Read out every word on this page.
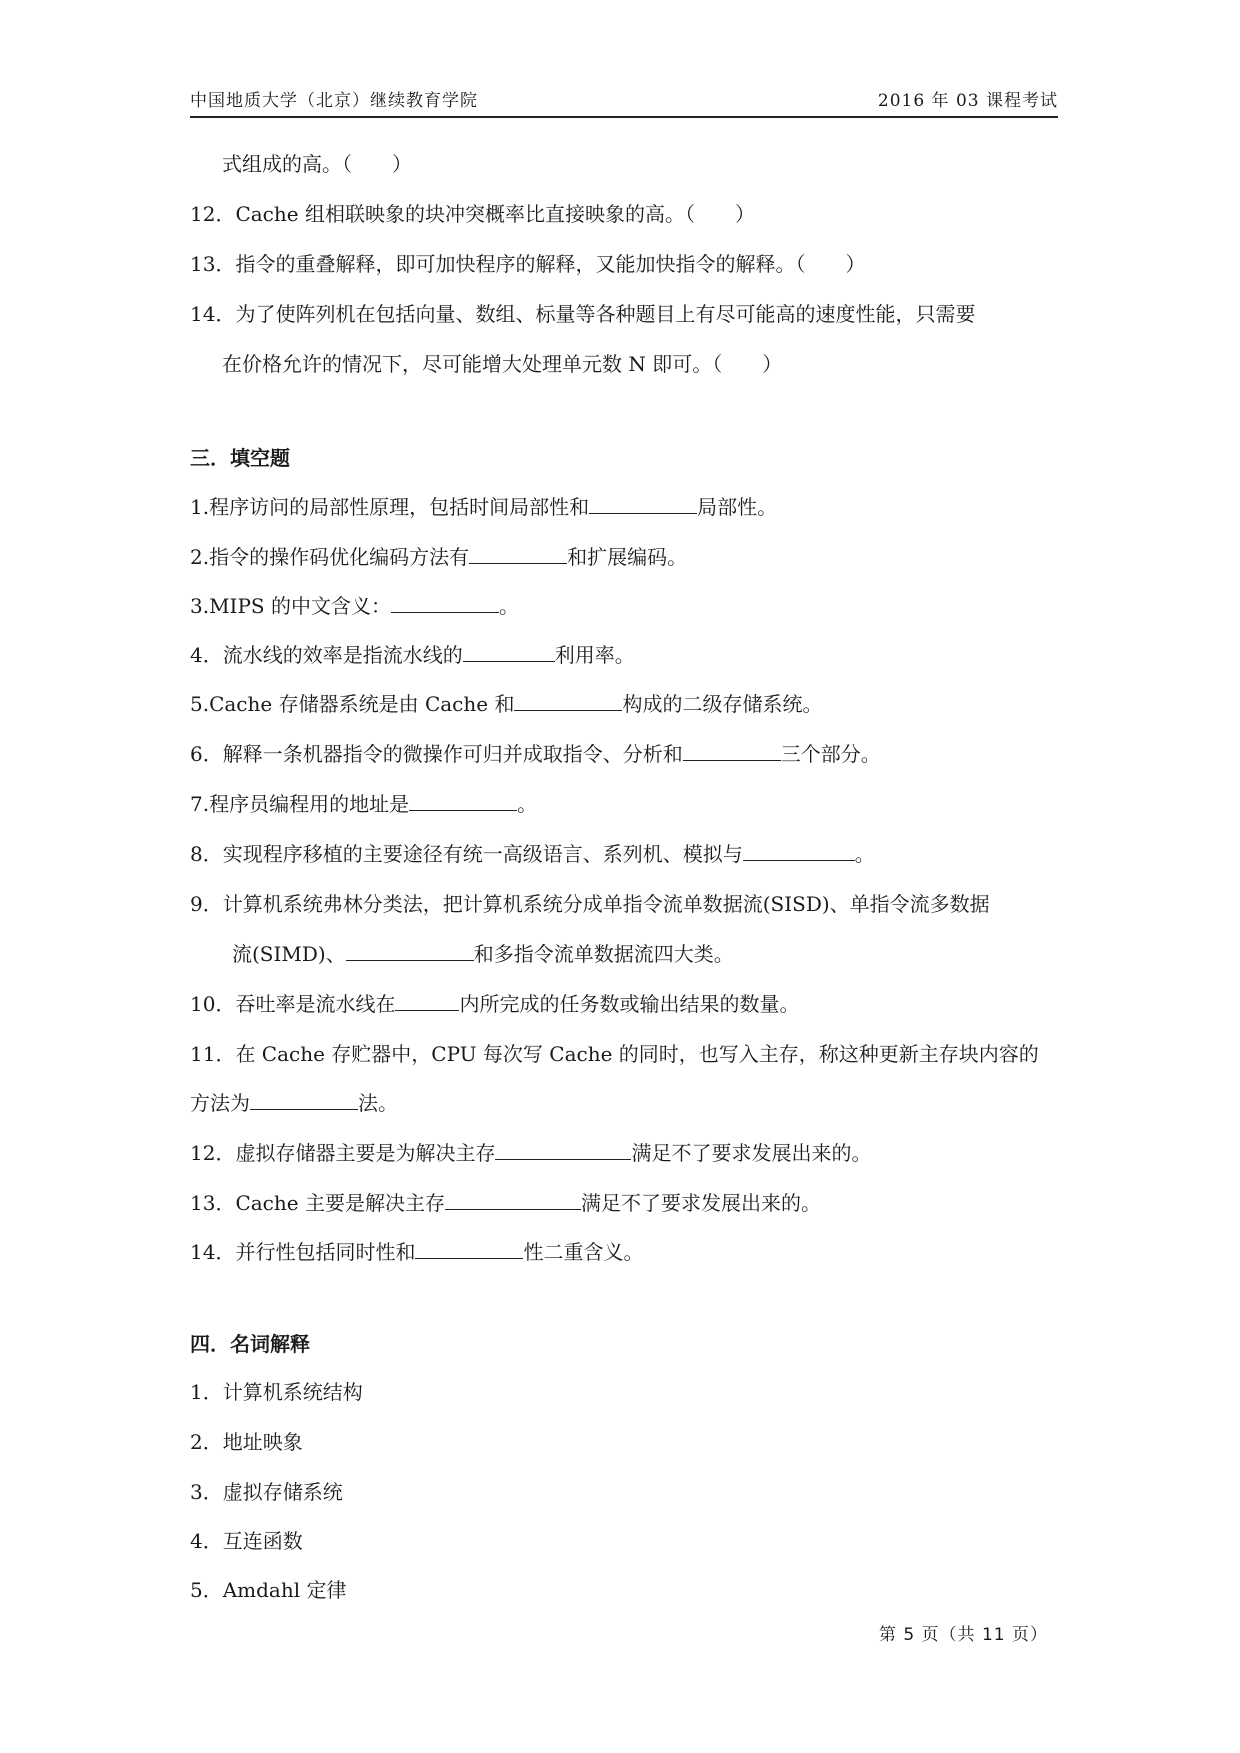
中国地质大学（北京）继续教育学院	2016 年 03 课程考试
式组成的高。（　　）
12．Cache 组相联映象的块冲突概率比直接映象的高。（　　）
13．指令的重叠解释，即可加快程序的解释，又能加快指令的解释。（　　）
14．为了使阵列机在包括向量、数组、标量等各种题目上有尽可能高的速度性能，只需要
在价格允许的情况下，尽可能增大处理单元数 N 即可。（　　）
三．填空题
1.程序访问的局部性原理，包括时间局部性和	局部性。
2.指令的操作码优化编码方法有	和扩展编码。
3.MIPS 的中文含义：	。
4．流水线的效率是指流水线的	利用率。
5.Cache 存储器系统是由 Cache 和	构成的二级存储系统。
6．解释一条机器指令的微操作可归并成取指令、分析和	三个部分。
7.程序员编程用的地址是	。
8．实现程序移植的主要途径有统一高级语言、系列机、模拟与	。
9．计算机系统弗林分类法，把计算机系统分成单指令流单数据流(SISD)、单指令流多数据
流(SIMD)、	和多指令流单数据流四大类。
10．吞吐率是流水线在	内所完成的任务数或输出结果的数量。
11．在 Cache 存贮器中，CPU 每次写 Cache 的同时，也写入主存，称这种更新主存块内容的
方法为	法。
12．虚拟存储器主要是为解决主存	满足不了要求发展出来的。
13．Cache 主要是解决主存	满足不了要求发展出来的。
14．并行性包括同时性和	性二重含义。
四．名词解释
1．计算机系统结构
2．地址映象
3．虚拟存储系统
4．互连函数
5．Amdahl 定律
第 5 页（共 11 页）
